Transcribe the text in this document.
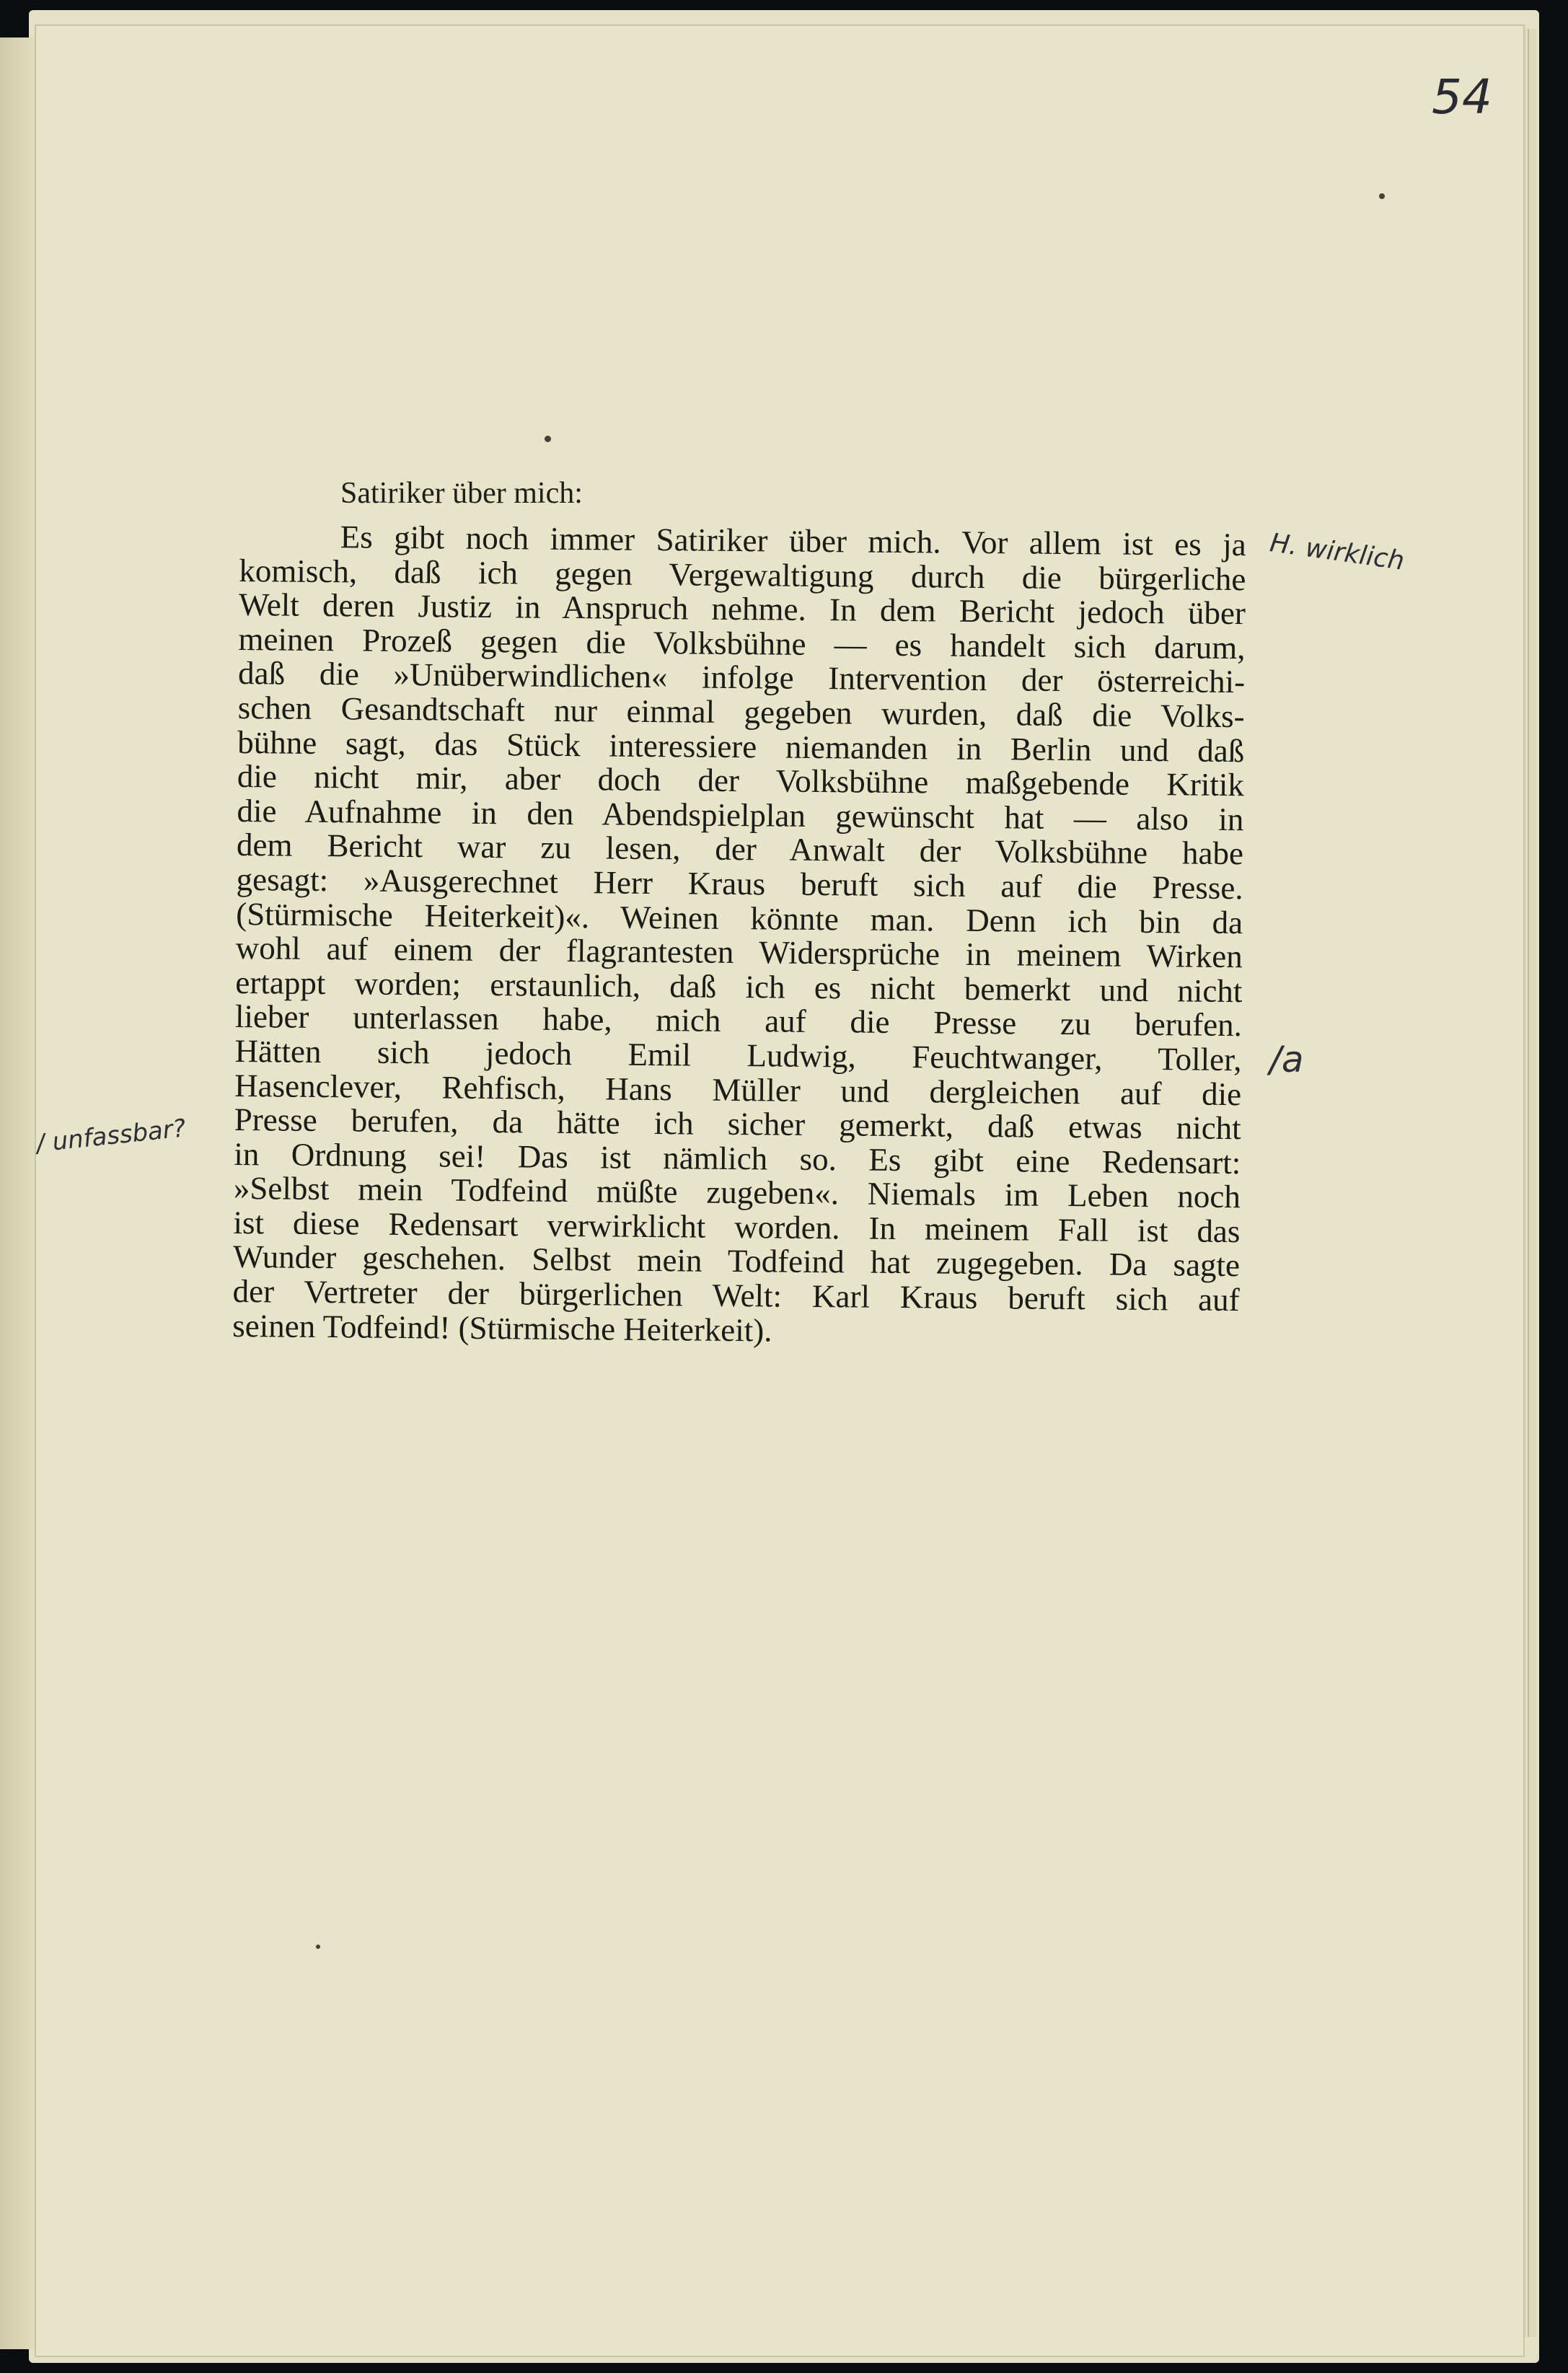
54
Satiriker über mich:
Es gibt noch immer Satiriker über mich. Vor allem ist es ja
komisch, daß ich gegen Vergewaltigung durch die bürgerliche
Welt deren Justiz in Anspruch nehme. In dem Bericht jedoch über
meinen Prozeß gegen die Volksbühne — es handelt sich darum,
daß die »Unüberwindlichen« infolge Intervention der österreichi-
schen Gesandtschaft nur einmal gegeben wurden, daß die Volks-
bühne sagt, das Stück interessiere niemanden in Berlin und daß
die nicht mir, aber doch der Volksbühne maßgebende Kritik
die Aufnahme in den Abendspielplan gewünscht hat — also in
dem Bericht war zu lesen, der Anwalt der Volksbühne habe
gesagt: »Ausgerechnet Herr Kraus beruft sich auf die Presse.
(Stürmische Heiterkeit)«. Weinen könnte man. Denn ich bin da
wohl auf einem der flagrantesten Widersprüche in meinem Wirken
ertappt worden; erstaunlich, daß ich es nicht bemerkt und nicht
lieber unterlassen habe, mich auf die Presse zu berufen.
Hätten sich jedoch Emil Ludwig, Feuchtwanger, Toller,
Hasenclever, Rehfisch, Hans Müller und dergleichen auf die
Presse berufen, da hätte ich sicher gemerkt, daß etwas nicht
in Ordnung sei! Das ist nämlich so. Es gibt eine Redensart:
»Selbst mein Todfeind müßte zugeben«. Niemals im Leben noch
ist diese Redensart verwirklicht worden. In meinem Fall ist das
Wunder geschehen. Selbst mein Todfeind hat zugegeben. Da sagte
der Vertreter der bürgerlichen Welt: Karl Kraus beruft sich auf
seinen Todfeind! (Stürmische Heiterkeit).
H. wirklich
/a
/ unfassbar?
